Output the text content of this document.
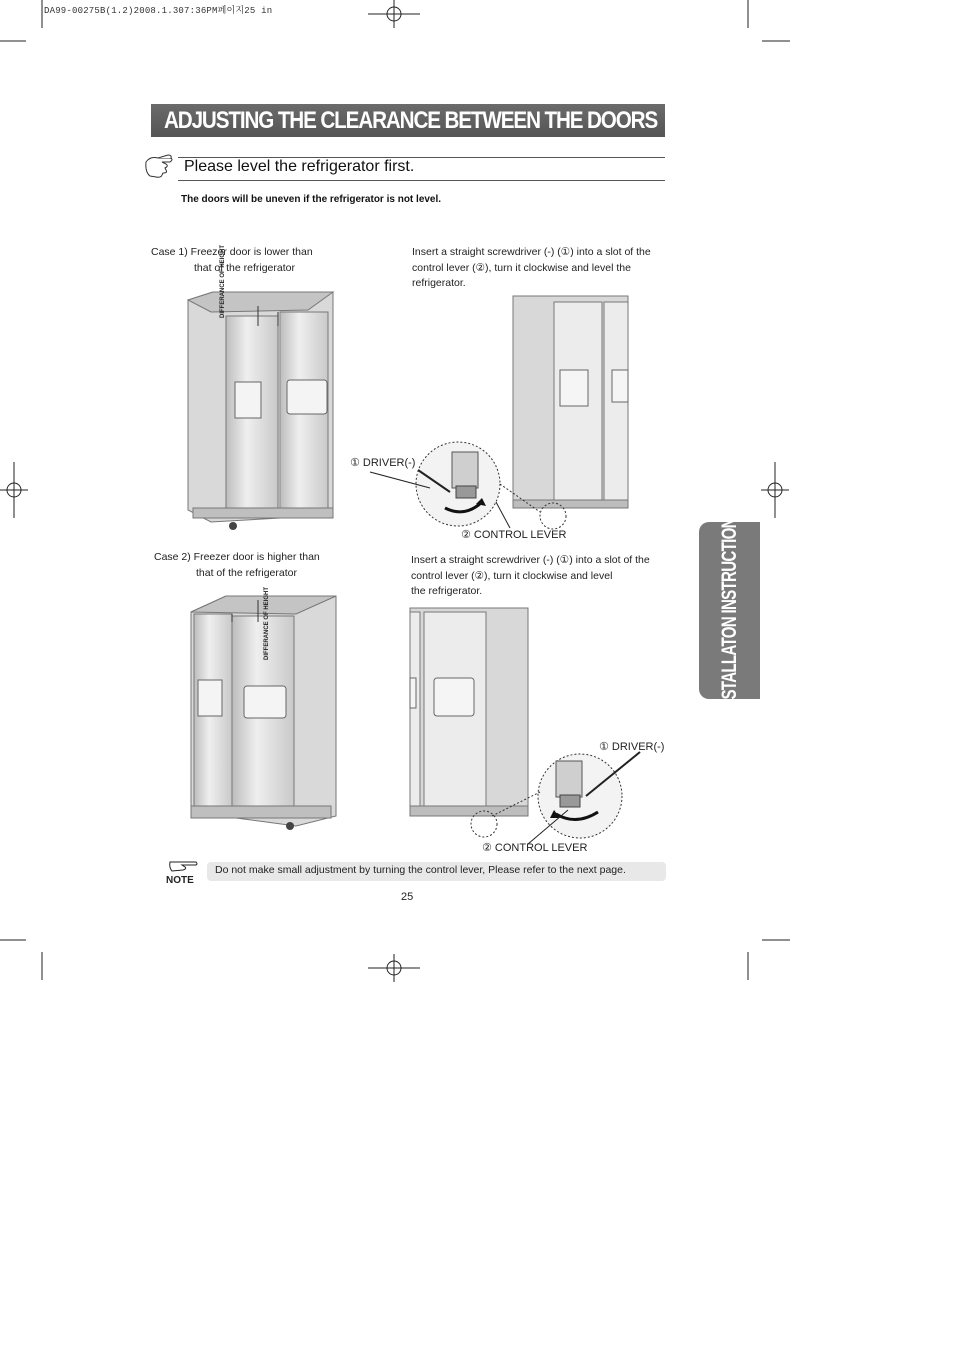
DA99-00275B(1.2)2008.1.307:36PM페이지25 in
ADJUSTING THE CLEARANCE BETWEEN THE DOORS
Please level the refrigerator first.
The doors will be uneven if the refrigerator is not level.
Case 1) Freezer door is lower than
that of the refrigerator
DIFFERANCE OF HEIGHT	Insert a straight screwdriver (-) (①) into a slot of the
control lever (②), turn it clockwise and level the
refrigerator.
① DRIVER(-)
② CONTROL LEVER
Case 2) Freezer door is higher than
that of the refrigerator
DIFFERANCE OF HEIGHT
Insert a straight screwdriver (-) (①) into a slot of the
control lever (②), turn it clockwise and level
the refrigerator.
① DRIVER(-)
② CONTROL LEVER
NOTE
Do not make small adjustment by turning the control lever, Please refer to the next page.
25
INSTALLATON INSTRUCTIONS
